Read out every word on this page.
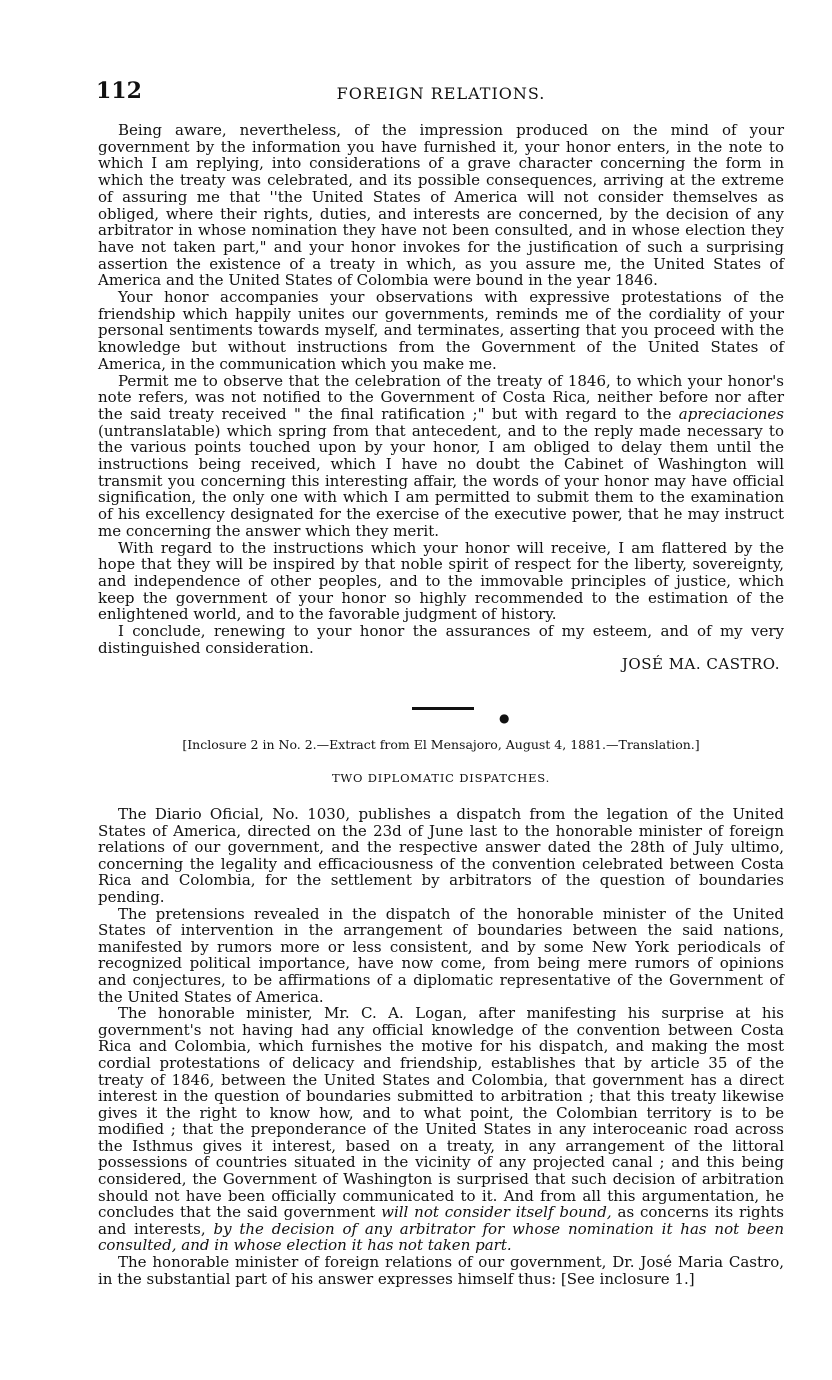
112	FOREIGN RELATIONS.

Being aware, nevertheless, of the impression produced on the mind of your government by the information you have furnished it, your honor enters, in the note to which I am replying, into considerations of a grave character concerning the form in which the treaty was celebrated, and its possible consequences, arriving at the extreme of assuring me that ''the United States of America will not consider themselves as obliged, where their rights, duties, and interests are concerned, by the decision of any arbitrator in whose nomination they have not been consulted, and in whose election they have not taken part," and your honor invokes for the justification of such a surprising assertion the existence of a treaty in which, as you assure me, the United States of America and the United States of Colombia were bound in the year 1846.

Your honor accompanies your observations with expressive protestations of the friendship which happily unites our governments, reminds me of the cordiality of your personal sentiments towards myself, and terminates, asserting that you proceed with the knowledge but without instructions from the Government of the United States of America, in the communication which you make me.

Permit me to observe that the celebration of the treaty of 1846, to which your honor's note refers, was not notified to the Government of Costa Rica, neither before nor after the said treaty received " the final ratification ;" but with regard to the apreciaciones (untranslatable) which spring from that antecedent, and to the reply made necessary to the various points touched upon by your honor, I am obliged to delay them until the instructions being received, which I have no doubt the Cabinet of Washington will transmit you concerning this interesting affair, the words of your honor may have official signification, the only one with which I am permitted to submit them to the examination of his excellency designated for the exercise of the executive power, that he may instruct me concerning the answer which they merit.

With regard to the instructions which your honor will receive, I am flattered by the hope that they will be inspired by that noble spirit of respect for the liberty, sovereignty, and independence of other peoples, and to the immovable principles of justice, which keep the government of your honor so highly recommended to the estimation of the enlightened world, and to the favorable judgment of history.

I conclude, renewing to your honor the assurances of my esteem, and of my very distinguished consideration.

JOSÉ MA. CASTRO.
●
[Inclosure 2 in No. 2.—Extract from El Mensajoro, August 4, 1881.—Translation.]
TWO DIPLOMATIC DISPATCHES.

The Diario Oficial, No. 1030, publishes a dispatch from the legation of the United States of America, directed on the 23d of June last to the honorable minister of foreign relations of our government, and the respective answer dated the 28th of July ultimo, concerning the legality and efficaciousness of the convention celebrated between Costa Rica and Colombia, for the settlement by arbitrators of the question of boundaries pending.

The pretensions revealed in the dispatch of the honorable minister of the United States of intervention in the arrangement of boundaries between the said nations, manifested by rumors more or less consistent, and by some New York periodicals of recognized political importance, have now come, from being mere rumors of opinions and conjectures, to be affirmations of a diplomatic representative of the Government of the United States of America.

The honorable minister, Mr. C. A. Logan, after manifesting his surprise at his government's not having had any official knowledge of the convention between Costa Rica and Colombia, which furnishes the motive for his dispatch, and making the most cordial protestations of delicacy and friendship, establishes that by article 35 of the treaty of 1846, between the United States and Colombia, that government has a direct interest in the question of boundaries submitted to arbitration ; that this treaty likewise gives it the right to know how, and to what point, the Colombian territory is to be modified ; that the preponderance of the United States in any interoceanic road across the Isthmus gives it interest, based on a treaty, in any arrangement of the littoral possessions of countries situated in the vicinity of any projected canal ; and this being considered, the Government of Washington is surprised that such decision of arbitration should not have been officially communicated to it. And from all this argumentation, he concludes that the said government will not consider itself bound, as concerns its rights and interests, by the decision of any arbitrator for whose nomination it has not been consulted, and in whose election it has not taken part.

The honorable minister of foreign relations of our government, Dr. José Maria Castro, in the substantial part of his answer expresses himself thus: [See inclosure 1.]
